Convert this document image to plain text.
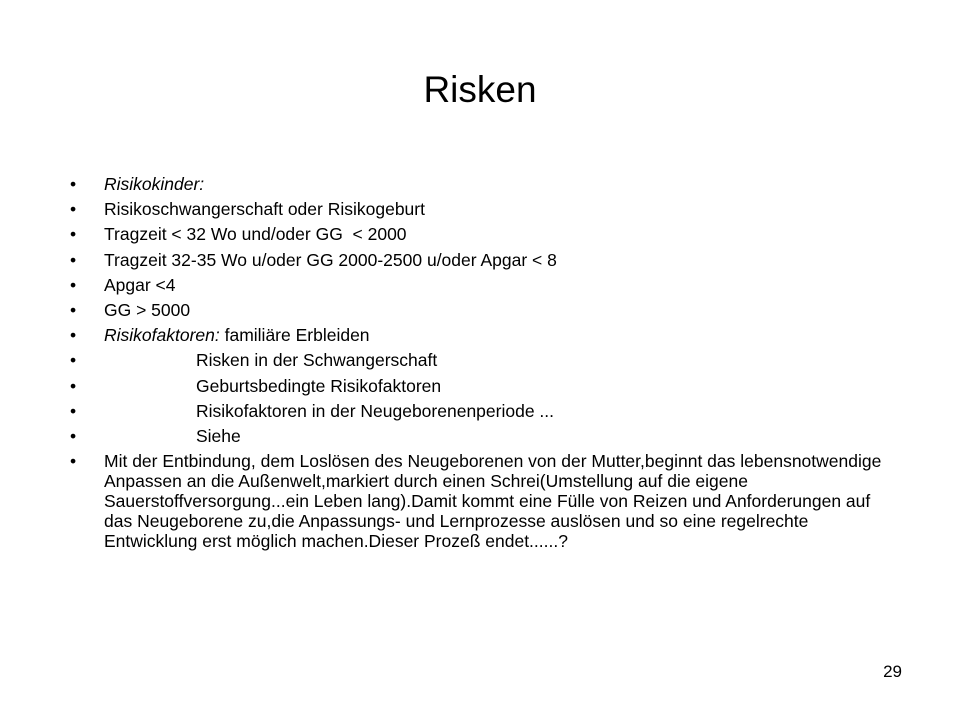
Risken
•	Risikokinder:
•	Risikoschwangerschaft oder Risikogeburt
•	Tragzeit < 32 Wo und/oder GG  < 2000
•	Tragzeit 32-35 Wo u/oder GG 2000-2500 u/oder Apgar < 8
•	Apgar <4
•	GG > 5000
•	Risikofaktoren: familiäre Erbleiden
•	Risken in der Schwangerschaft
•	Geburtsbedingte Risikofaktoren
•	Risikofaktoren in der Neugeborenenperiode ...
•	Siehe
•	Mit der Entbindung, dem Loslösen des Neugeborenen von der Mutter,beginnt das lebensnotwendige Anpassen an die Außenwelt,markiert durch einen Schrei(Umstellung auf die eigene Sauerstoffversorgung...ein Leben lang).Damit kommt eine Fülle von Reizen und Anforderungen auf das Neugeborene zu,die Anpassungs- und Lernprozesse auslösen und so eine regelrechte Entwicklung erst möglich machen.Dieser Prozeß endet......?
29
